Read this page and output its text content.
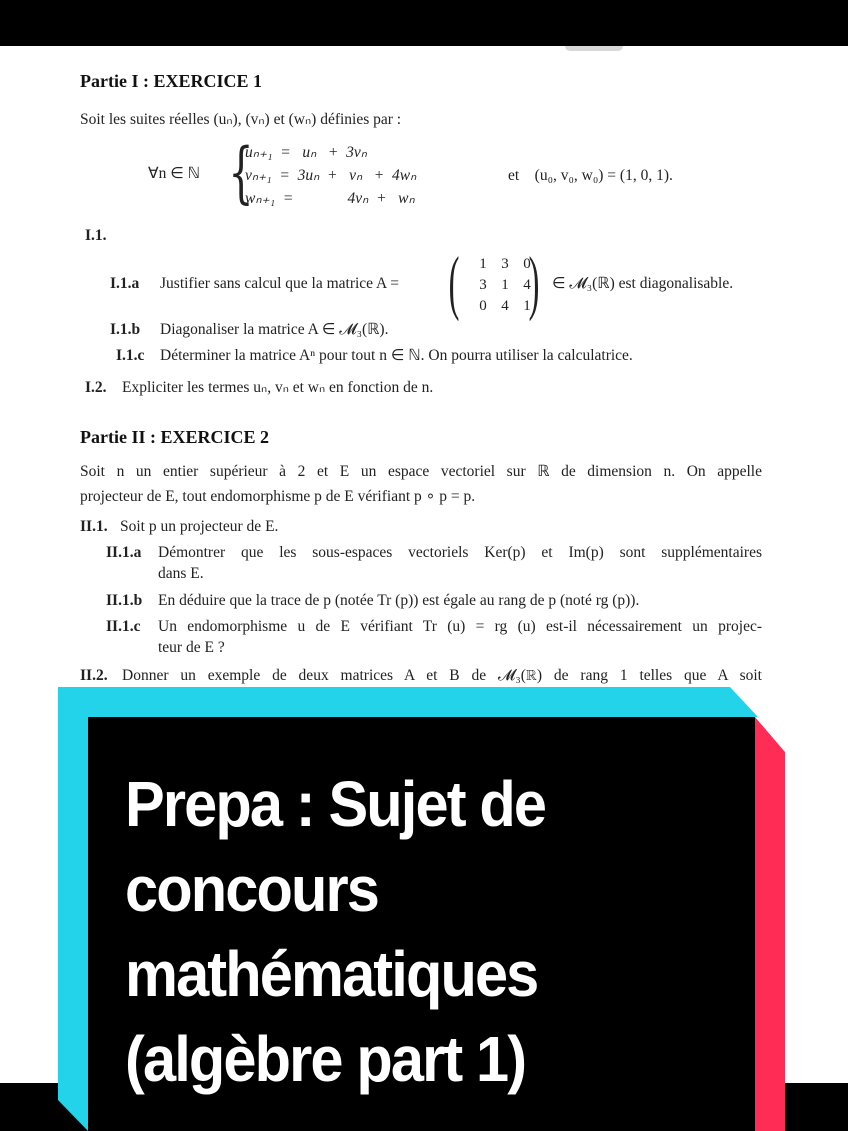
Partie I : EXERCICE 1
Soit les suites réelles (uₙ), (vₙ) et (wₙ) définies par :
∀n ∈ ℕ {
uₙ₊₁  =   uₙ   +  3vₙ
vₙ₊₁  =  3uₙ  +   vₙ   +  4wₙ
wₙ₊₁  =              4vₙ  +   wₙ
et    (u₀, v₀, w₀) = (1, 0, 1).
I.1.
I.1.a Justifier sans calcul que la matrice A = (	1 3 0
3 1 4
0 4 1
) ∈ 𝓜₃(ℝ) est diagonalisable.
I.1.b Diagonaliser la matrice A ∈ 𝓜₃(ℝ).
I.1.c Déterminer la matrice Aⁿ pour tout n ∈ ℕ. On pourra utiliser la calculatrice.
I.2. Expliciter les termes uₙ, vₙ et wₙ en fonction de n.
Partie II : EXERCICE 2
Soit n un entier supérieur à 2 et E un espace vectoriel sur ℝ de dimension n. On appelle
projecteur de E, tout endomorphisme p de E vérifiant p ∘ p = p.
II.1. Soit p un projecteur de E.
II.1.a Démontrer que les sous-espaces vectoriels Ker(p) et Im(p) sont supplémentaires
dans E.
II.1.b En déduire que la trace de p (notée Tr (p)) est égale au rang de p (noté rg (p)).
II.1.c Un endomorphisme u de E vérifiant Tr (u) = rg (u) est-il nécessairement un projec-
teur de E ?
II.2. Donner un exemple de deux matrices A et B de 𝓜₃(ℝ) de rang 1 telles que A soit
Prepa : Sujet de
concours
mathématiques
(algèbre part 1)
